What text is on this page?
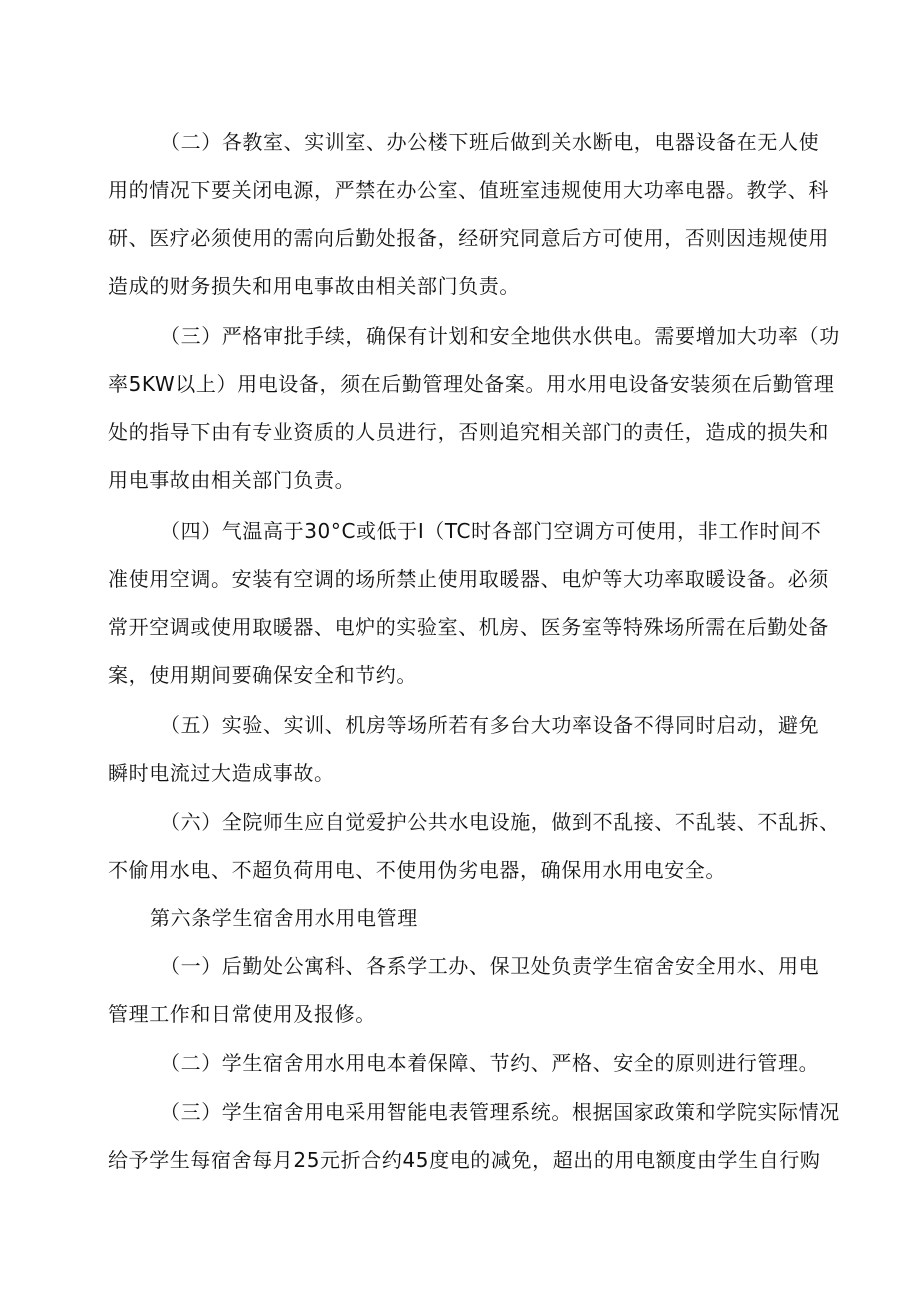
（二）各教室、实训室、办公楼下班后做到关水断电，电器设备在无人使
用的情况下要关闭电源，严禁在办公室、值班室违规使用大功率电器。教学、科
研、医疗必须使用的需向后勤处报备，经研究同意后方可使用，否则因违规使用
造成的财务损失和用电事故由相关部门负责。
（三）严格审批手续，确保有计划和安全地供水供电。需要增加大功率（功
率5KW以上）用电设备，须在后勤管理处备案。用水用电设备安装须在后勤管理
处的指导下由有专业资质的人员进行，否则追究相关部门的责任，造成的损失和
用电事故由相关部门负责。
（四）气温高于30°C或低于I（TC时各部门空调方可使用，非工作时间不
准使用空调。安装有空调的场所禁止使用取暖器、电炉等大功率取暖设备。必须
常开空调或使用取暖器、电炉的实验室、机房、医务室等特殊场所需在后勤处备
案，使用期间要确保安全和节约。
（五）实验、实训、机房等场所若有多台大功率设备不得同时启动，避免
瞬时电流过大造成事故。
（六）全院师生应自觉爱护公共水电设施，做到不乱接、不乱装、不乱拆、
不偷用水电、不超负荷用电、不使用伪劣电器，确保用水用电安全。
第六条学生宿舍用水用电管理
（一）后勤处公寓科、各系学工办、保卫处负责学生宿舍安全用水、用电
管理工作和日常使用及报修。
（二）学生宿舍用水用电本着保障、节约、严格、安全的原则进行管理。
（三）学生宿舍用电采用智能电表管理系统。根据国家政策和学院实际情况
给予学生每宿舍每月25元折合约45度电的减免，超出的用电额度由学生自行购
